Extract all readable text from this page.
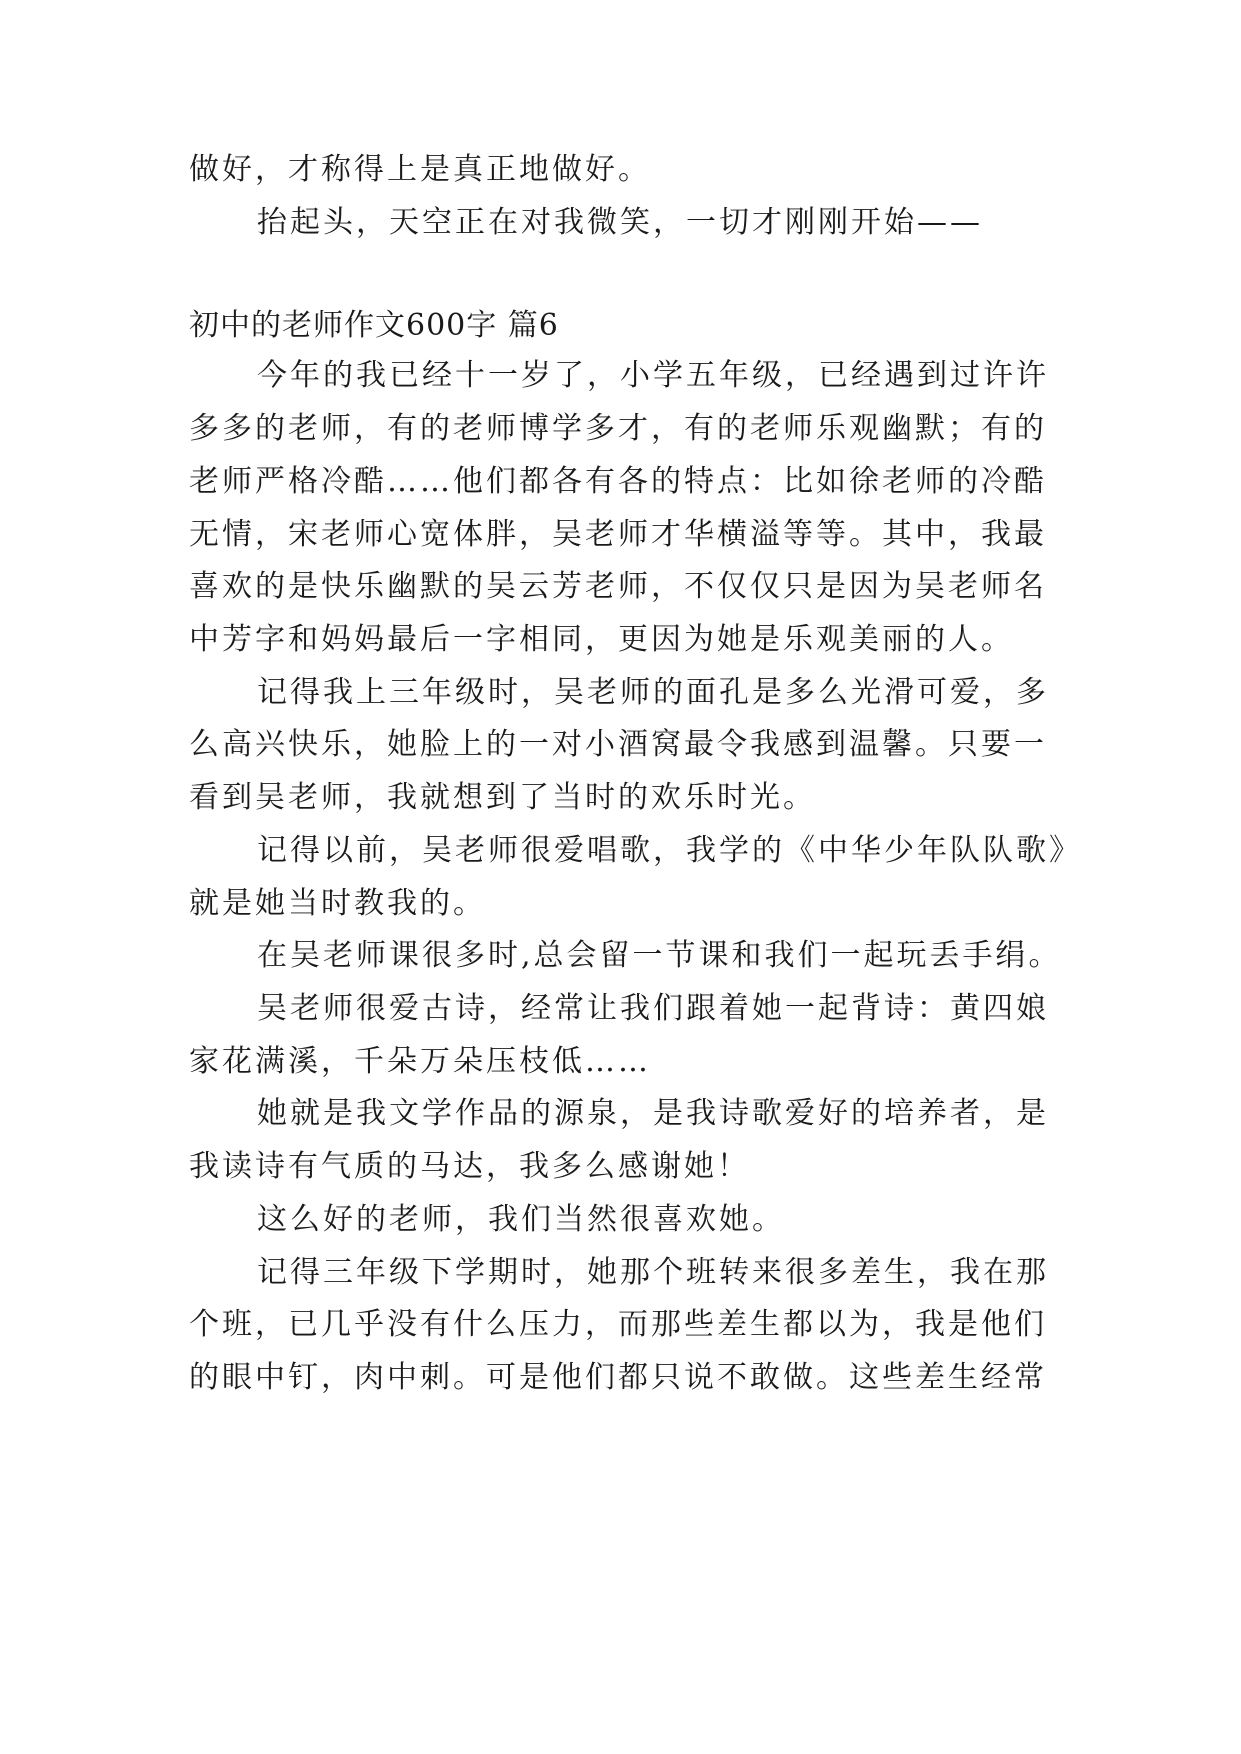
做好，才称得上是真正地做好。
抬起头，天空正在对我微笑，一切才刚刚开始——
初中的老师作文600字 篇6
今年的我已经十一岁了，小学五年级，已经遇到过许许
多多的老师，有的老师博学多才，有的老师乐观幽默；有的
老师严格冷酷……他们都各有各的特点：比如徐老师的冷酷
无情，宋老师心宽体胖，吴老师才华横溢等等。其中，我最
喜欢的是快乐幽默的吴云芳老师，不仅仅只是因为吴老师名
中芳字和妈妈最后一字相同，更因为她是乐观美丽的人。
记得我上三年级时，吴老师的面孔是多么光滑可爱，多
么高兴快乐，她脸上的一对小酒窝最令我感到温馨。只要一
看到吴老师，我就想到了当时的欢乐时光。
记得以前，吴老师很爱唱歌，我学的《中华少年队队歌》
就是她当时教我的。
在吴老师课很多时,总会留一节课和我们一起玩丢手绢。
吴老师很爱古诗，经常让我们跟着她一起背诗：黄四娘
家花满溪，千朵万朵压枝低……
她就是我文学作品的源泉，是我诗歌爱好的培养者，是
我读诗有气质的马达，我多么感谢她！
这么好的老师，我们当然很喜欢她。
记得三年级下学期时，她那个班转来很多差生，我在那
个班，已几乎没有什么压力，而那些差生都以为，我是他们
的眼中钉，肉中刺。可是他们都只说不敢做。这些差生经常
